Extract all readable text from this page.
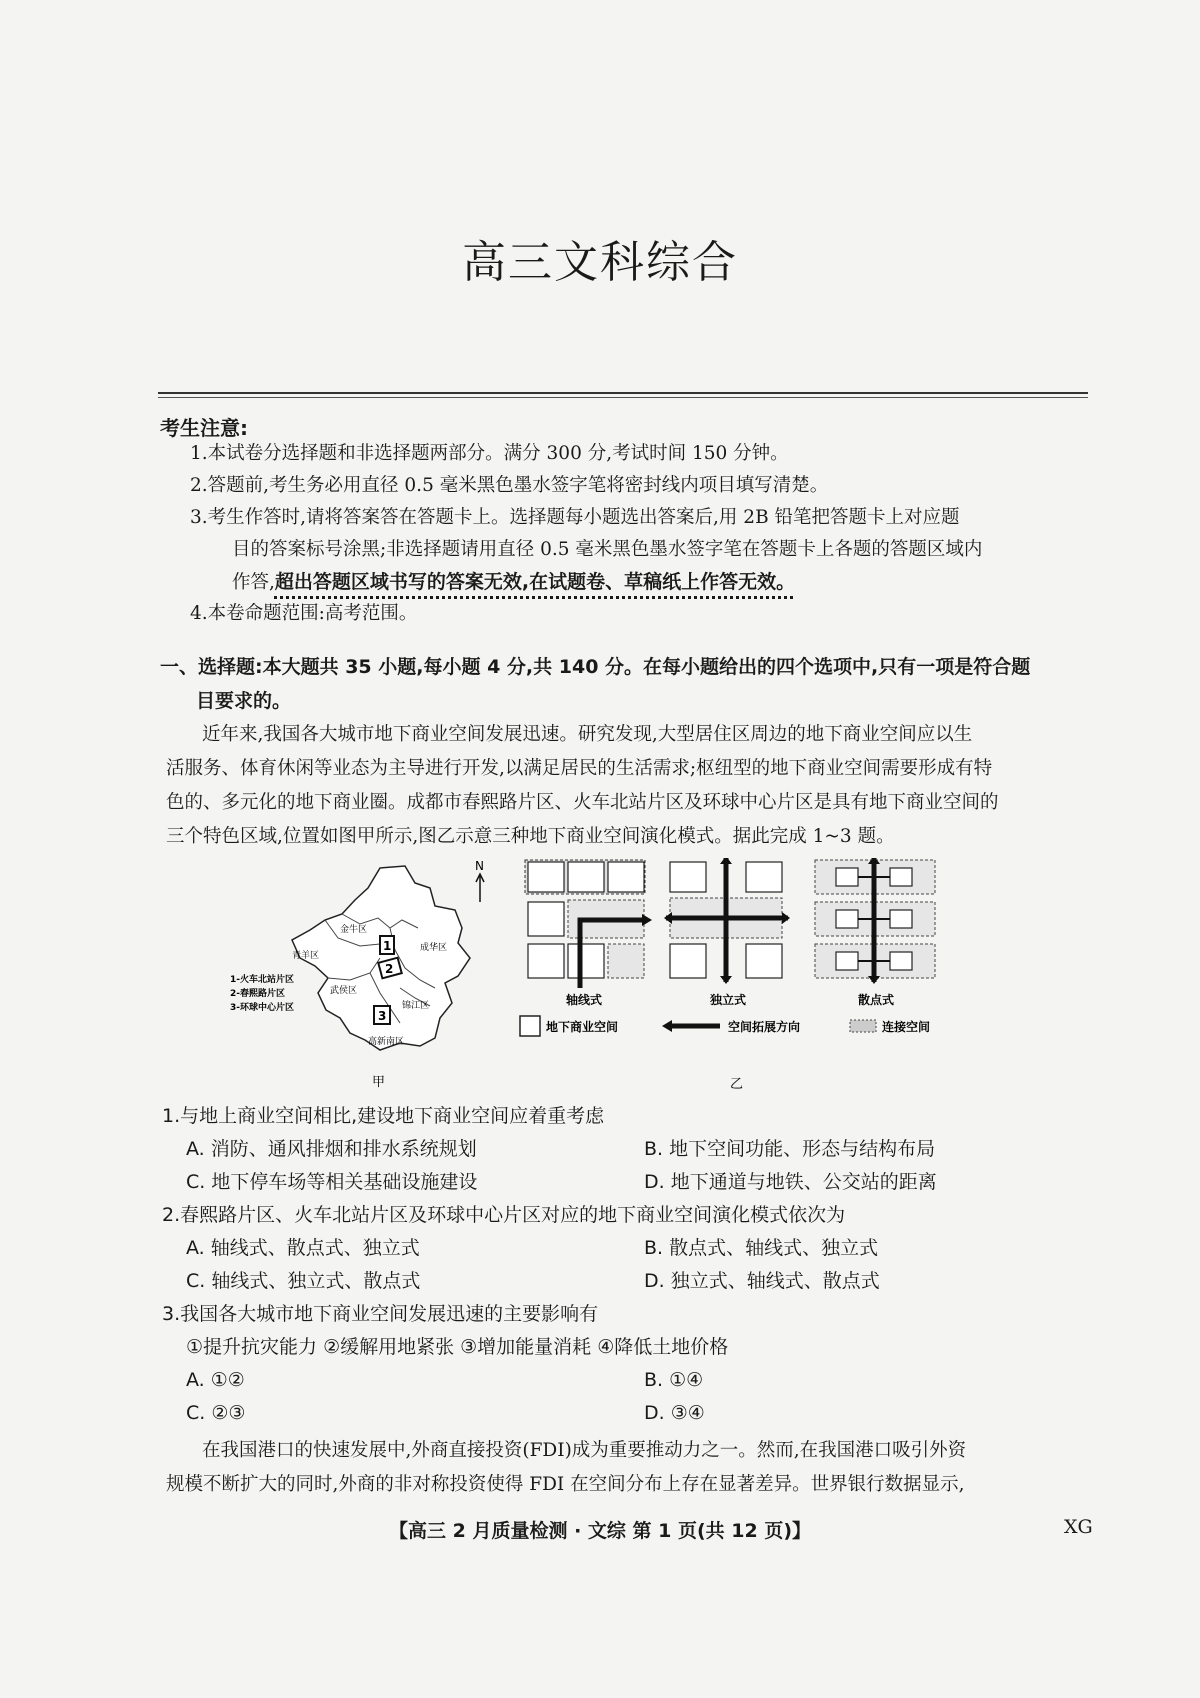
高三文科综合
考生注意:
1.本试卷分选择题和非选择题两部分。满分 300 分,考试时间 150 分钟。
2.答题前,考生务必用直径 0.5 毫米黑色墨水签字笔将密封线内项目填写清楚。
3.考生作答时,请将答案答在答题卡上。选择题每小题选出答案后,用 2B 铅笔把答题卡上对应题
目的答案标号涂黑;非选择题请用直径 0.5 毫米黑色墨水签字笔在答题卡上各题的答题区域内
作答,超出答题区域书写的答案无效,在试题卷、草稿纸上作答无效。
4.本卷命题范围:高考范围。
一、选择题:本大题共 35 小题,每小题 4 分,共 140 分。在每小题给出的四个选项中,只有一项是符合题
目要求的。
近年来,我国各大城市地下商业空间发展迅速。研究发现,大型居住区周边的地下商业空间应以生
活服务、体育休闲等业态为主导进行开发,以满足居民的生活需求;枢纽型的地下商业空间需要形成有特
色的、多元化的地下商业圈。成都市春熙路片区、火车北站片区及环球中心片区是具有地下商业空间的
三个特色区域,位置如图甲所示,图乙示意三种地下商业空间演化模式。据此完成 1~3 题。
金牛区
青羊区
成华区
武侯区
锦江区
高新南区
1
2
3
1-火车北站片区
2-春熙路片区
3-环球中心片区
N
甲
轴线式	独立式	散点式
地下商业空间	空间拓展方向	连接空间
乙
1.与地上商业空间相比,建设地下商业空间应着重考虑
A. 消防、通风排烟和排水系统规划	B. 地下空间功能、形态与结构布局
C. 地下停车场等相关基础设施建设	D. 地下通道与地铁、公交站的距离
2.春熙路片区、火车北站片区及环球中心片区对应的地下商业空间演化模式依次为
A. 轴线式、散点式、独立式	B. 散点式、轴线式、独立式
C. 轴线式、独立式、散点式	D. 独立式、轴线式、散点式
3.我国各大城市地下商业空间发展迅速的主要影响有
①提升抗灾能力 ②缓解用地紧张 ③增加能量消耗 ④降低土地价格
A. ①②	B. ①④
C. ②③	D. ③④
在我国港口的快速发展中,外商直接投资(FDI)成为重要推动力之一。然而,在我国港口吸引外资
规模不断扩大的同时,外商的非对称投资使得 FDI 在空间分布上存在显著差异。世界银行数据显示,
【高三 2 月质量检测 · 文综 第 1 页(共 12 页)】	XG
